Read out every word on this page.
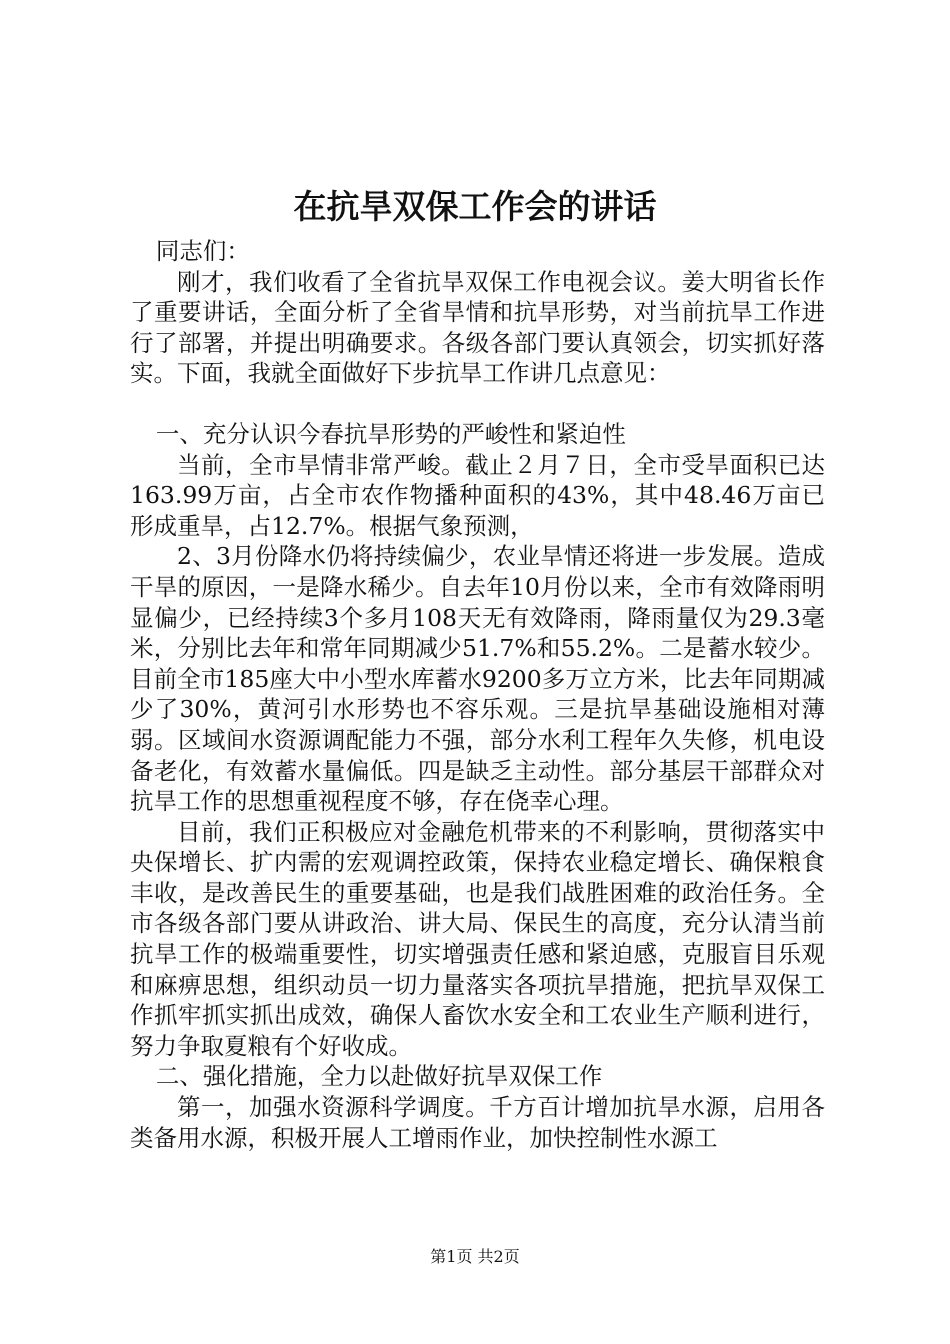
在抗旱双保工作会的讲话

同志们：

刚才，我们收看了全省抗旱双保工作电视会议。姜大明省长作了重要讲话，全面分析了全省旱情和抗旱形势，对当前抗旱工作进行了部署，并提出明确要求。各级各部门要认真领会，切实抓好落实。下面，我就全面做好下步抗旱工作讲几点意见：

一、充分认识今春抗旱形势的严峻性和紧迫性

当前，全市旱情非常严峻。截止２月７日，全市受旱面积已达163.99万亩，占全市农作物播种面积的43%，其中48.46万亩已形成重旱，占12.7%。根据气象预测，

2、3月份降水仍将持续偏少，农业旱情还将进一步发展。造成干旱的原因，一是降水稀少。自去年10月份以来，全市有效降雨明显偏少，已经持续3个多月108天无有效降雨，降雨量仅为29.3毫米，分别比去年和常年同期减少51.7%和55.2%。二是蓄水较少。目前全市185座大中小型水库蓄水9200多万立方米，比去年同期减少了30%，黄河引水形势也不容乐观。三是抗旱基础设施相对薄弱。区域间水资源调配能力不强，部分水利工程年久失修，机电设备老化，有效蓄水量偏低。四是缺乏主动性。部分基层干部群众对抗旱工作的思想重视程度不够，存在侥幸心理。

目前，我们正积极应对金融危机带来的不利影响，贯彻落实中央保增长、扩内需的宏观调控政策，保持农业稳定增长、确保粮食丰收，是改善民生的重要基础，也是我们战胜困难的政治任务。全市各级各部门要从讲政治、讲大局、保民生的高度，充分认清当前抗旱工作的极端重要性，切实增强责任感和紧迫感，克服盲目乐观和麻痹思想，组织动员一切力量落实各项抗旱措施，把抗旱双保工作抓牢抓实抓出成效，确保人畜饮水安全和工农业生产顺利进行，努力争取夏粮有个好收成。

二、强化措施，全力以赴做好抗旱双保工作

第一，加强水资源科学调度。千方百计增加抗旱水源，启用各类备用水源，积极开展人工增雨作业，加快控制性水源工

第1页 共2页
